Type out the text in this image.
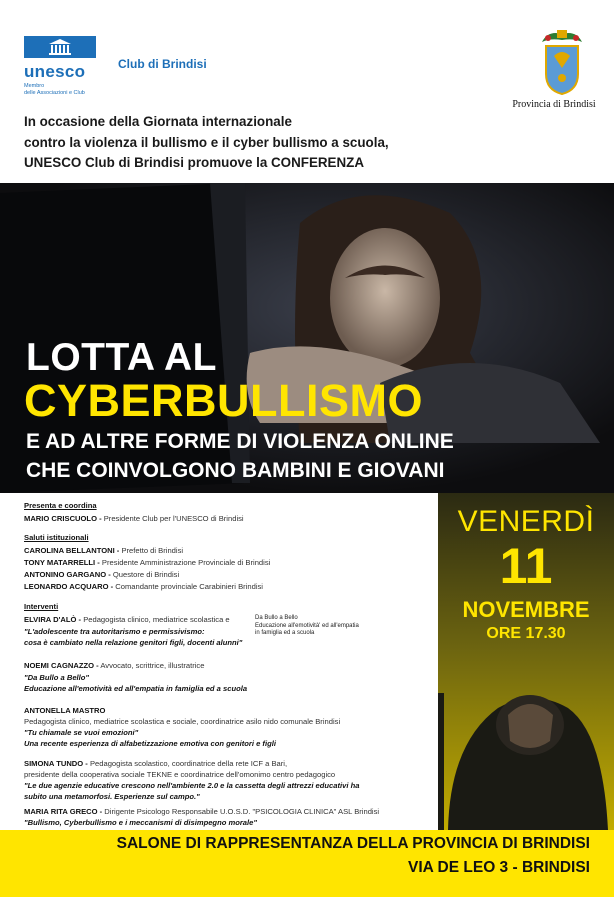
unesco
Membro
delle Associazioni e Club
Club di Brindisi
Provincia di Brindisi
In occasione della Giornata internazionale
contro la violenza il bullismo e il cyber bullismo a scuola,
UNESCO Club di Brindisi promuove la CONFERENZA
LOTTA AL
CYBERBULLISMO
E AD ALTRE FORME DI VIOLENZA ONLINE
CHE COINVOLGONO BAMBINI E GIOVANI
Presenta e coordina
MARIO CRISCUOLO - Presidente Club per l'UNESCO di Brindisi
Saluti istituzionali
CAROLINA BELLANTONI - Prefetto di Brindisi
TONY MATARRELLI - Presidente Amministrazione Provinciale di Brindisi
ANTONINO GARGANO - Questore di Brindisi
LEONARDO ACQUARO - Comandante provinciale Carabinieri Brindisi
Interventi
ELVIRA D'ALÒ - Pedagogista clinico, mediatrice scolastica e
"L'adolescente tra autoritarismo e permissivismo:
cosa è cambiato nella relazione genitori figli, docenti alunni"
Da Bullo a Bello
Educazione all'emotività' ed all'empatia
in famiglia ed a scuola
NOEMI CAGNAZZO - Avvocato, scrittrice, illustratrice
"Da Bullo a Bello"
Educazione all'emotività ed all'empatia in famiglia ed a scuola
ANTONELLA MASTRO
Pedagogista clinico, mediatrice scolastica e sociale, coordinatrice asilo nido comunale Brindisi
"Tu chiamale se vuoi emozioni"
Una recente esperienza di alfabetizzazione emotiva con genitori e figli
SIMONA TUNDO - Pedagogista scolastico, coordinatrice della rete ICF a Bari,
presidente della cooperativa sociale TEKNE e coordinatrice dell'omonimo centro pedagogico
"Le due agenzie educative crescono nell'ambiente 2.0 e la cassetta degli attrezzi educativi ha
subito una metamorfosi. Esperienze sul campo."
MARIA RITA GRECO - Dirigente Psicologo Responsabile U.O.S.D. "PSICOLOGIA CLINICA" ASL Brindisi
"Bullismo, Cyberbullismo e i meccanismi di disimpegno morale"
VENERDÌ
11
NOVEMBRE
ORE 17.30
SALONE DI RAPPRESENTANZA DELLA PROVINCIA DI BRINDISI
VIA DE LEO 3 - BRINDISI
